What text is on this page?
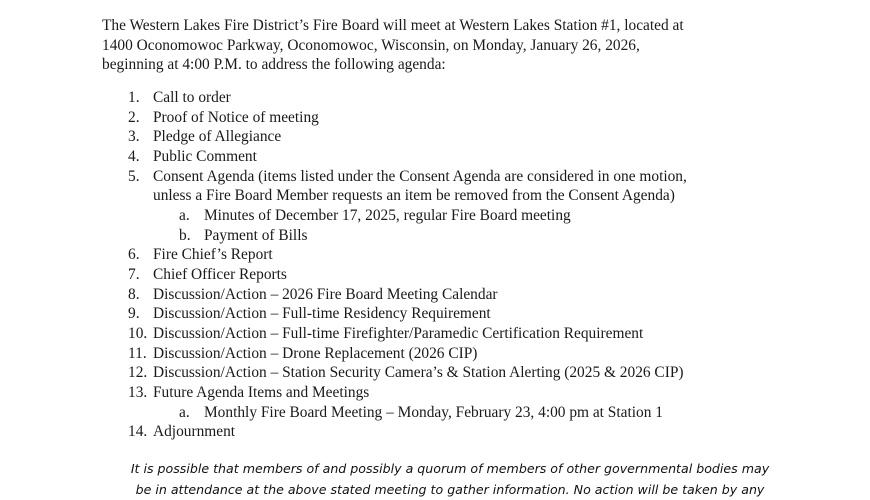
The Western Lakes Fire District’s Fire Board will meet at Western Lakes Station #1, located at
1400 Oconomowoc Parkway, Oconomowoc, Wisconsin, on Monday, January 26, 2026,
beginning at 4:00 P.M. to address the following agenda:
1. Call to order
2. Proof of Notice of meeting
3. Pledge of Allegiance
4. Public Comment
5. Consent Agenda (items listed under the Consent Agenda are considered in one motion,
unless a Fire Board Member requests an item be removed from the Consent Agenda)
a. Minutes of December 17, 2025, regular Fire Board meeting
b. Payment of Bills
6. Fire Chief’s Report
7. Chief Officer Reports
8. Discussion/Action – 2026 Fire Board Meeting Calendar
9. Discussion/Action – Full-time Residency Requirement
10. Discussion/Action – Full-time Firefighter/Paramedic Certification Requirement
11. Discussion/Action – Drone Replacement (2026 CIP)
12. Discussion/Action – Station Security Camera’s & Station Alerting (2025 & 2026 CIP)
13. Future Agenda Items and Meetings
a. Monthly Fire Board Meeting – Monday, February 23, 4:00 pm at Station 1
14. Adjournment
It is possible that members of and possibly a quorum of members of other governmental bodies may
be in attendance at the above stated meeting to gather information. No action will be taken by any
